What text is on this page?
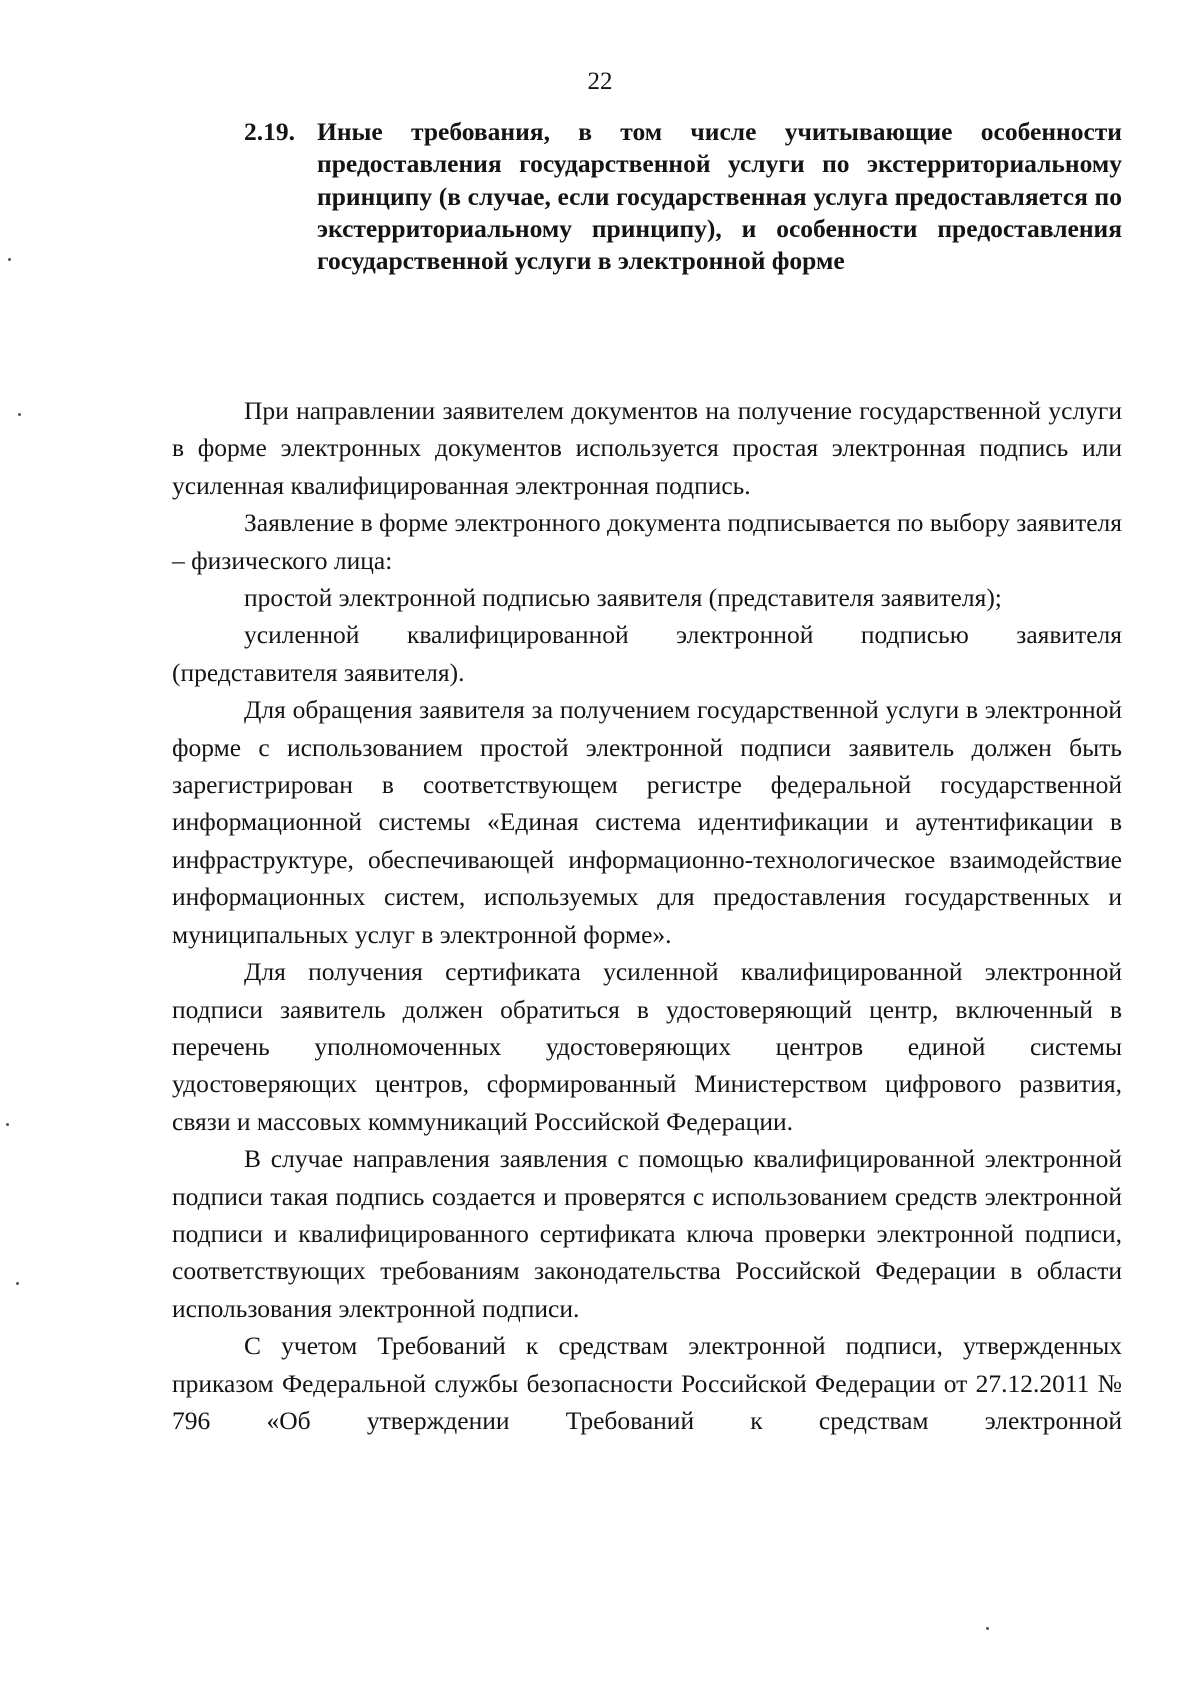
22
2.19. Иные требования, в том числе учитывающие особенности предоставления государственной услуги по экстерриториальному принципу (в случае, если государственная услуга предоставляется по экстерриториальному принципу), и особенности предоставления государственной услуги в электронной форме

При направлении заявителем документов на получение государственной услуги в форме электронных документов используется простая электронная подпись или усиленная квалифицированная электронная подпись.

Заявление в форме электронного документа подписывается по выбору заявителя – физического лица:

простой электронной подписью заявителя (представителя заявителя);

усиленной квалифицированной электронной подписью заявителя (представителя заявителя).

Для обращения заявителя за получением государственной услуги в электронной форме с использованием простой электронной подписи заявитель должен быть зарегистрирован в соответствующем регистре федеральной государственной информационной системы «Единая система идентификации и аутентификации в инфраструктуре, обеспечивающей информационно-технологическое взаимодействие информационных систем, используемых для предоставления государственных и муниципальных услуг в электронной форме».

Для получения сертификата усиленной квалифицированной электронной подписи заявитель должен обратиться в удостоверяющий центр, включенный в перечень уполномоченных удостоверяющих центров единой системы удостоверяющих центров, сформированный Министерством цифрового развития, связи и массовых коммуникаций Российской Федерации.

В случае направления заявления с помощью квалифицированной электронной подписи такая подпись создается и проверятся с использованием средств электронной подписи и квалифицированного сертификата ключа проверки электронной подписи, соответствующих требованиям законодательства Российской Федерации в области использования электронной подписи.

С учетом Требований к средствам электронной подписи, утвержденных приказом Федеральной службы безопасности Российской Федерации от 27.12.2011 № 796 «Об утверждении Требований к средствам электронной
